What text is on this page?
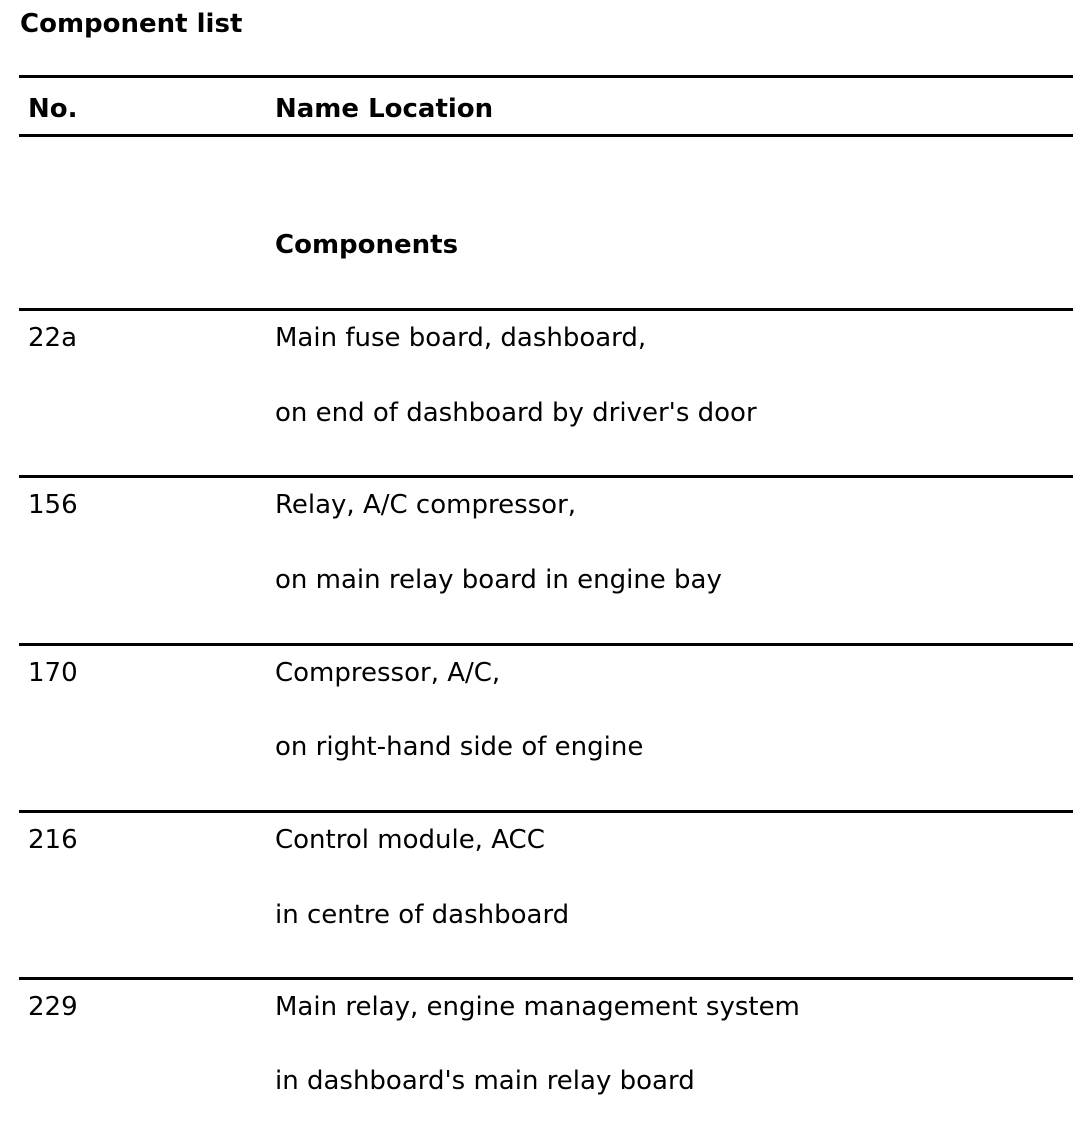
Component list
No.	Name Location
Components
22a	Main fuse board, dashboard,
on end of dashboard by driver's door
156	Relay, A/C compressor,
on main relay board in engine bay
170	Compressor, A/C,
on right-hand side of engine
216	Control module, ACC
in centre of dashboard
229	Main relay, engine management system
in dashboard's main relay board
